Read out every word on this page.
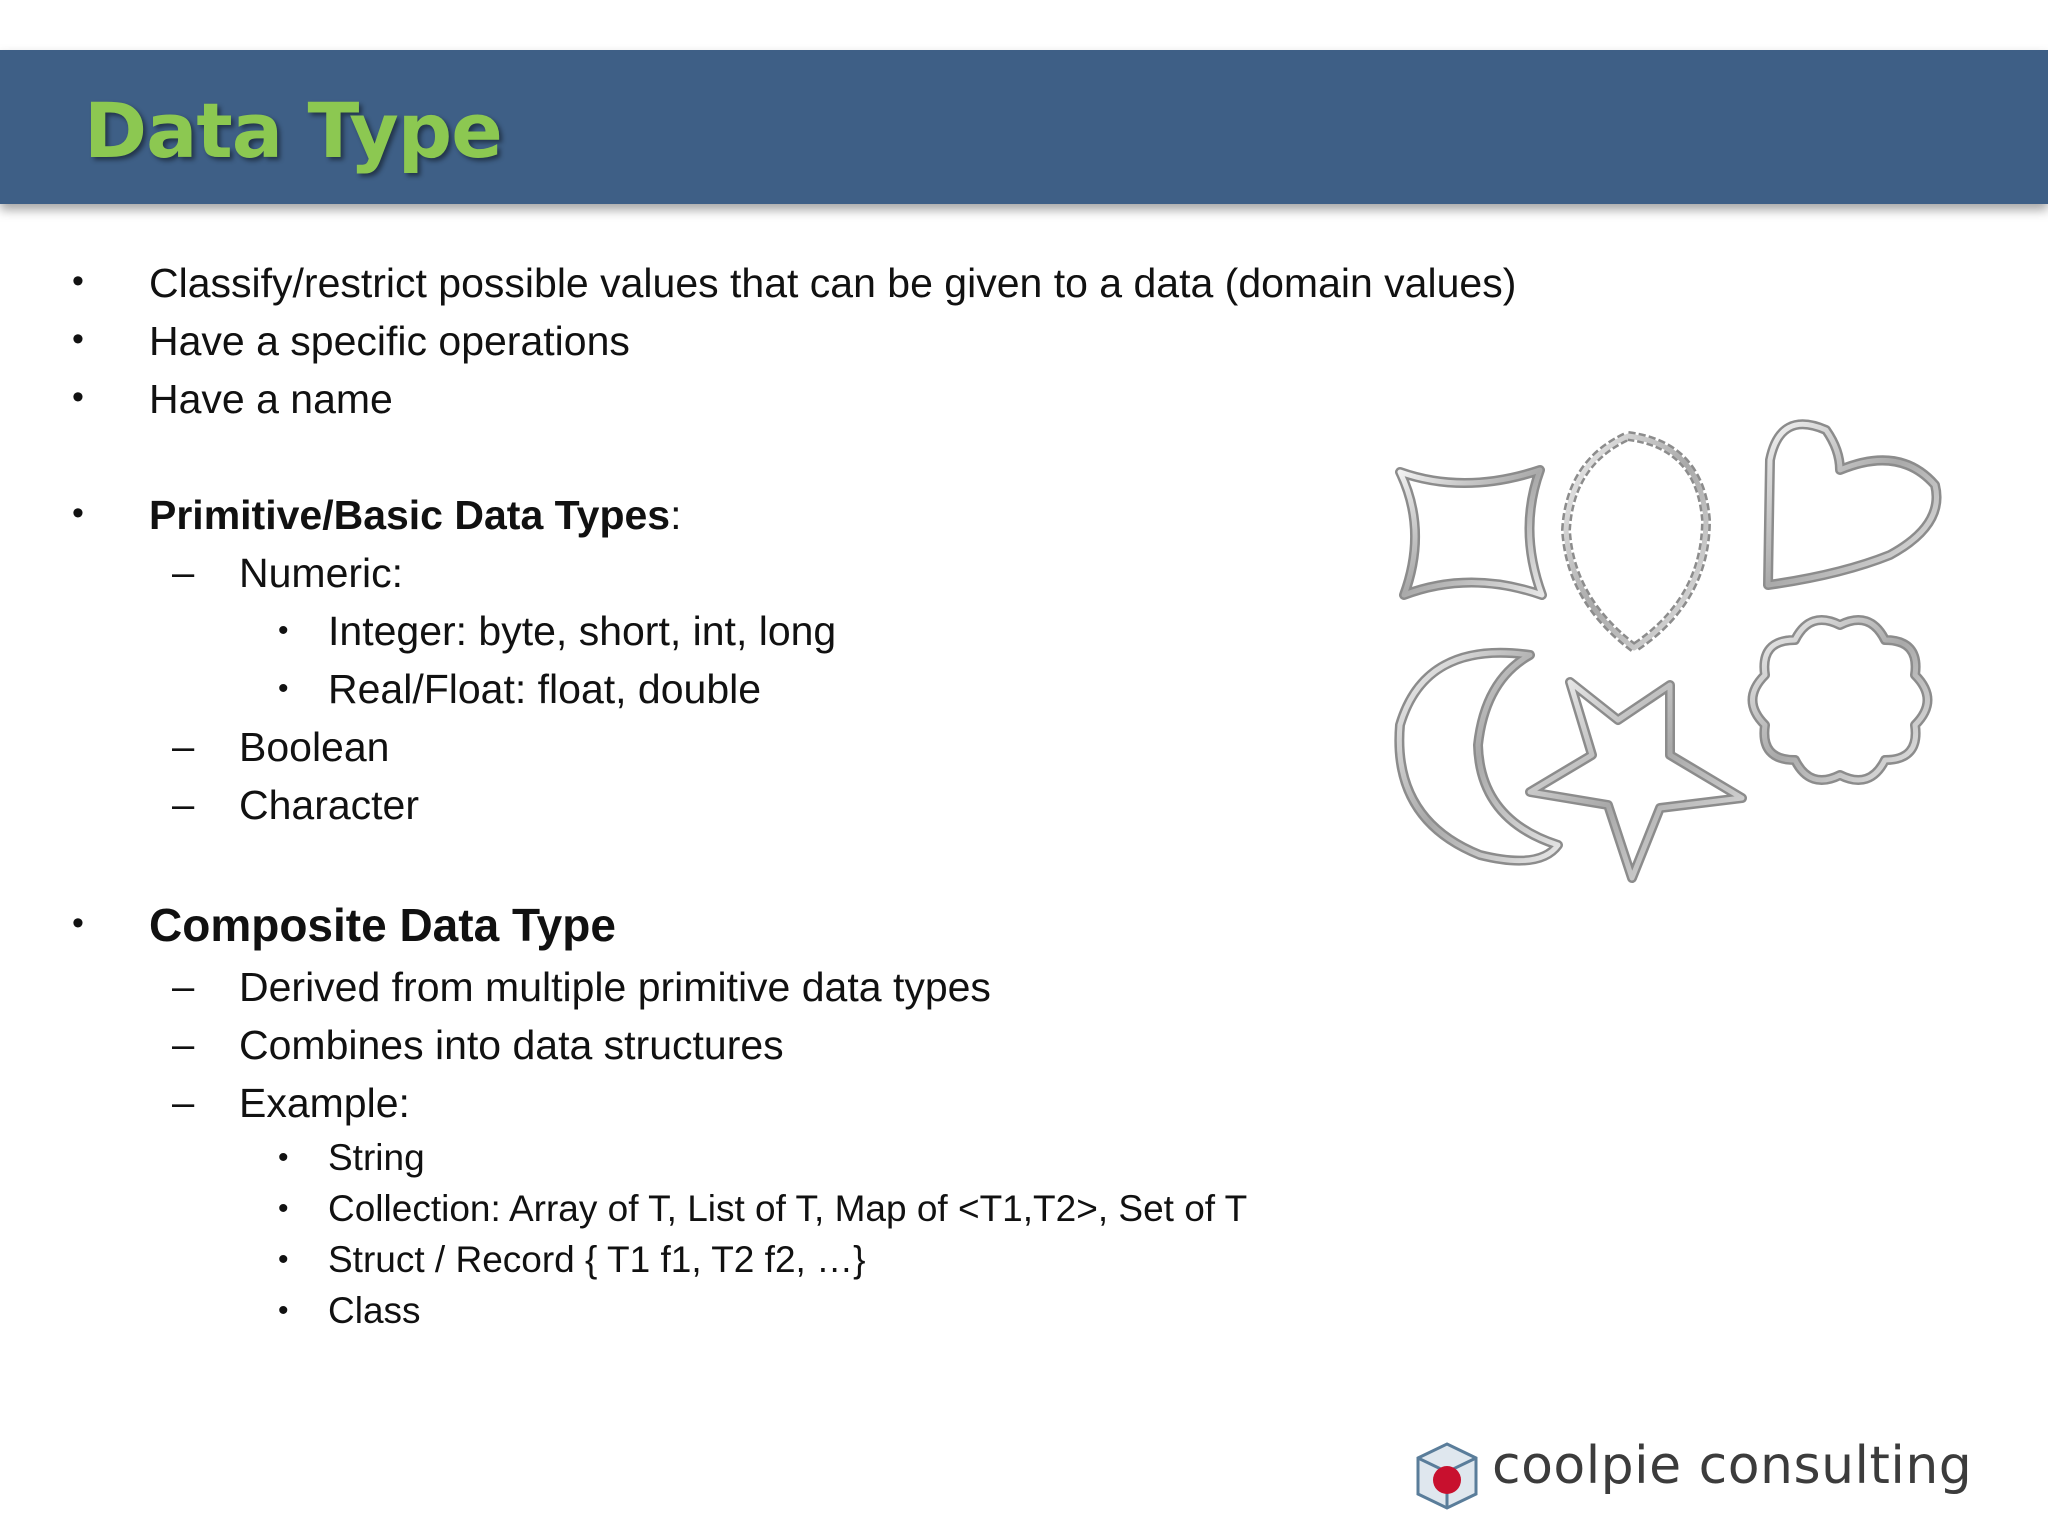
Data Type
• Classify/restrict possible values that can be given to a data (domain values)
• Have a specific operations
• Have a name
• Primitive/Basic Data Types:
– Numeric:
• Integer: byte, short, int, long
• Real/Float: float, double
– Boolean
– Character
• Composite Data Type
– Derived from multiple primitive data types
– Combines into data structures
– Example:
• String
• Collection: Array of T, List of T, Map of <T1,T2>, Set of T
• Struct / Record { T1 f1, T2 f2, …}
• Class
coolpie consulting
